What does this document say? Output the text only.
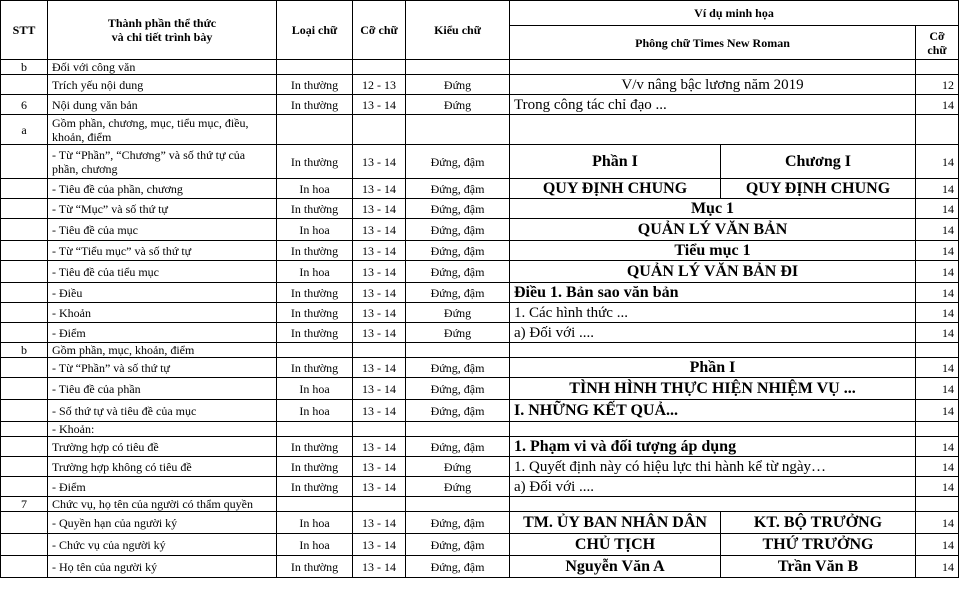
STT	Thành phần thể thức
và chi tiết trình bày	Loại chữ	Cỡ chữ	Kiểu chữ	Ví dụ minh họa		
					Phông chữ Times New Roman		Cỡ chữ
b	Đối với công văn						
	Trích yếu nội dung	In thường	12 - 13	Đứng	V/v nâng bậc lương năm 2019		12
6	Nội dung văn bản	In thường	13 - 14	Đứng	Trong công tác chỉ đạo ...		14
a	Gồm phần, chương, mục, tiểu mục, điều, khoản, điểm						
	- Từ “Phần”, “Chương” và số thứ tự của phần, chương	In thường	13 - 14	Đứng, đậm	Phần I	Chương I	14
	- Tiêu đề của phần, chương	In hoa	13 - 14	Đứng, đậm	QUY ĐỊNH CHUNG	QUY ĐỊNH CHUNG	14
	- Từ “Mục” và số thứ tự	In thường	13 - 14	Đứng, đậm	Mục 1		14
	- Tiêu đề của mục	In hoa	13 - 14	Đứng, đậm	QUẢN LÝ VĂN BẢN		14
	- Từ “Tiểu mục” và số thứ tự	In thường	13 - 14	Đứng, đậm	Tiểu mục 1		14
	- Tiêu đề của tiểu mục	In hoa	13 - 14	Đứng, đậm	QUẢN LÝ VĂN BẢN ĐI		14
	- Điều	In thường	13 - 14	Đứng, đậm	Điều 1. Bản sao văn bản		14
	- Khoản	In thường	13 - 14	Đứng	1. Các hình thức ...		14
	- Điểm	In thường	13 - 14	Đứng	a) Đối với ....		14
b	Gồm phần, mục, khoản, điểm						
	- Từ “Phần” và số thứ tự	In thường	13 - 14	Đứng, đậm	Phần I		14
	- Tiêu đề của phần	In hoa	13 - 14	Đứng, đậm	TÌNH HÌNH THỰC HIỆN NHIỆM VỤ ...		14
	- Số thứ tự và tiêu đề của mục	In hoa	13 - 14	Đứng, đậm	I. NHỮNG KẾT QUẢ...		14
	- Khoản:						
	Trường hợp có tiêu đề	In thường	13 - 14	Đứng, đậm	1. Phạm vi và đối tượng áp dụng		14
	Trường hợp không có tiêu đề	In thường	13 - 14	Đứng	1. Quyết định này có hiệu lực thi hành kể từ ngày…		14
	- Điểm	In thường	13 - 14	Đứng	a) Đối với ....		14
7	Chức vụ, họ tên của người có thẩm quyền						
	- Quyền hạn của người ký	In hoa	13 - 14	Đứng, đậm	TM. ỦY BAN NHÂN DÂN	KT. BỘ TRƯỞNG	14
	- Chức vụ của người ký	In hoa	13 - 14	Đứng, đậm	CHỦ TỊCH	THỨ TRƯỞNG	14
	- Họ tên của người ký	In thường	13 - 14	Đứng, đậm	Nguyễn Văn A	Trần Văn B	14
